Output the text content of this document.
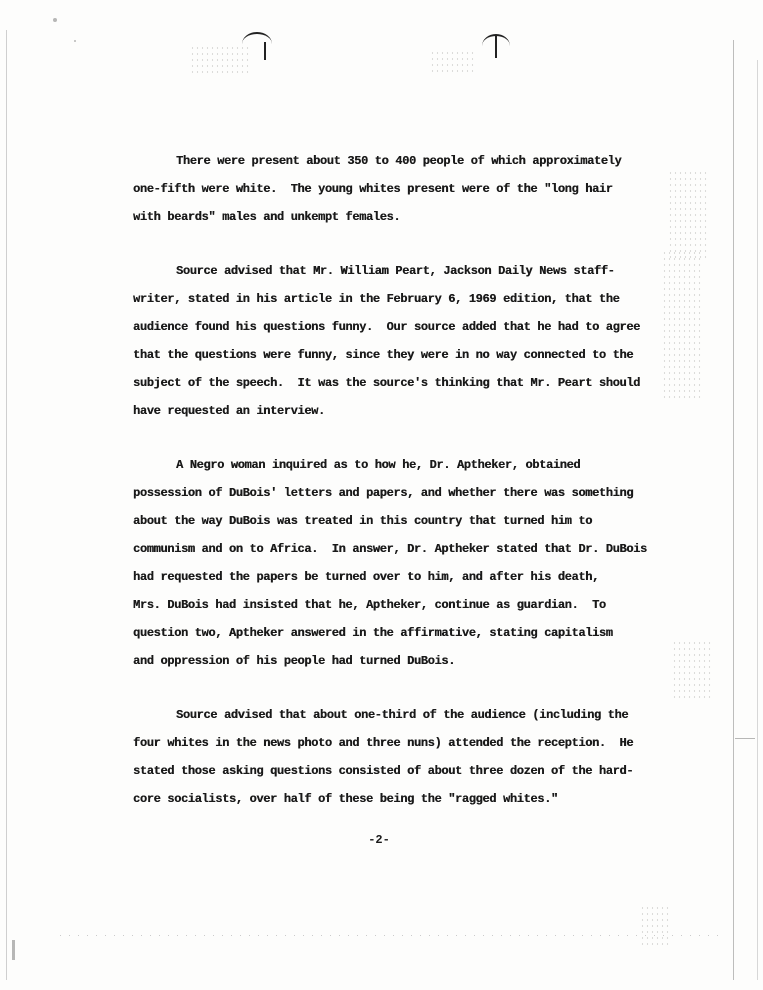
There were present about 350 to 400 people of which approximately
one-fifth were white.  The young whites present were of the "long hair
with beards" males and unkempt females.
Source advised that Mr. William Peart, Jackson Daily News staff-
writer, stated in his article in the February 6, 1969 edition, that the
audience found his questions funny.  Our source added that he had to agree
that the questions were funny, since they were in no way connected to the
subject of the speech.  It was the source's thinking that Mr. Peart should
have requested an interview.
A Negro woman inquired as to how he, Dr. Aptheker, obtained
possession of DuBois' letters and papers, and whether there was something
about the way DuBois was treated in this country that turned him to
communism and on to Africa.  In answer, Dr. Aptheker stated that Dr. DuBois
had requested the papers be turned over to him, and after his death,
Mrs. DuBois had insisted that he, Aptheker, continue as guardian.  To
question two, Aptheker answered in the affirmative, stating capitalism
and oppression of his people had turned DuBois.
Source advised that about one-third of the audience (including the
four whites in the news photo and three nuns) attended the reception.  He
stated those asking questions consisted of about three dozen of the hard-
core socialists, over half of these being the "ragged whites."
-2-
